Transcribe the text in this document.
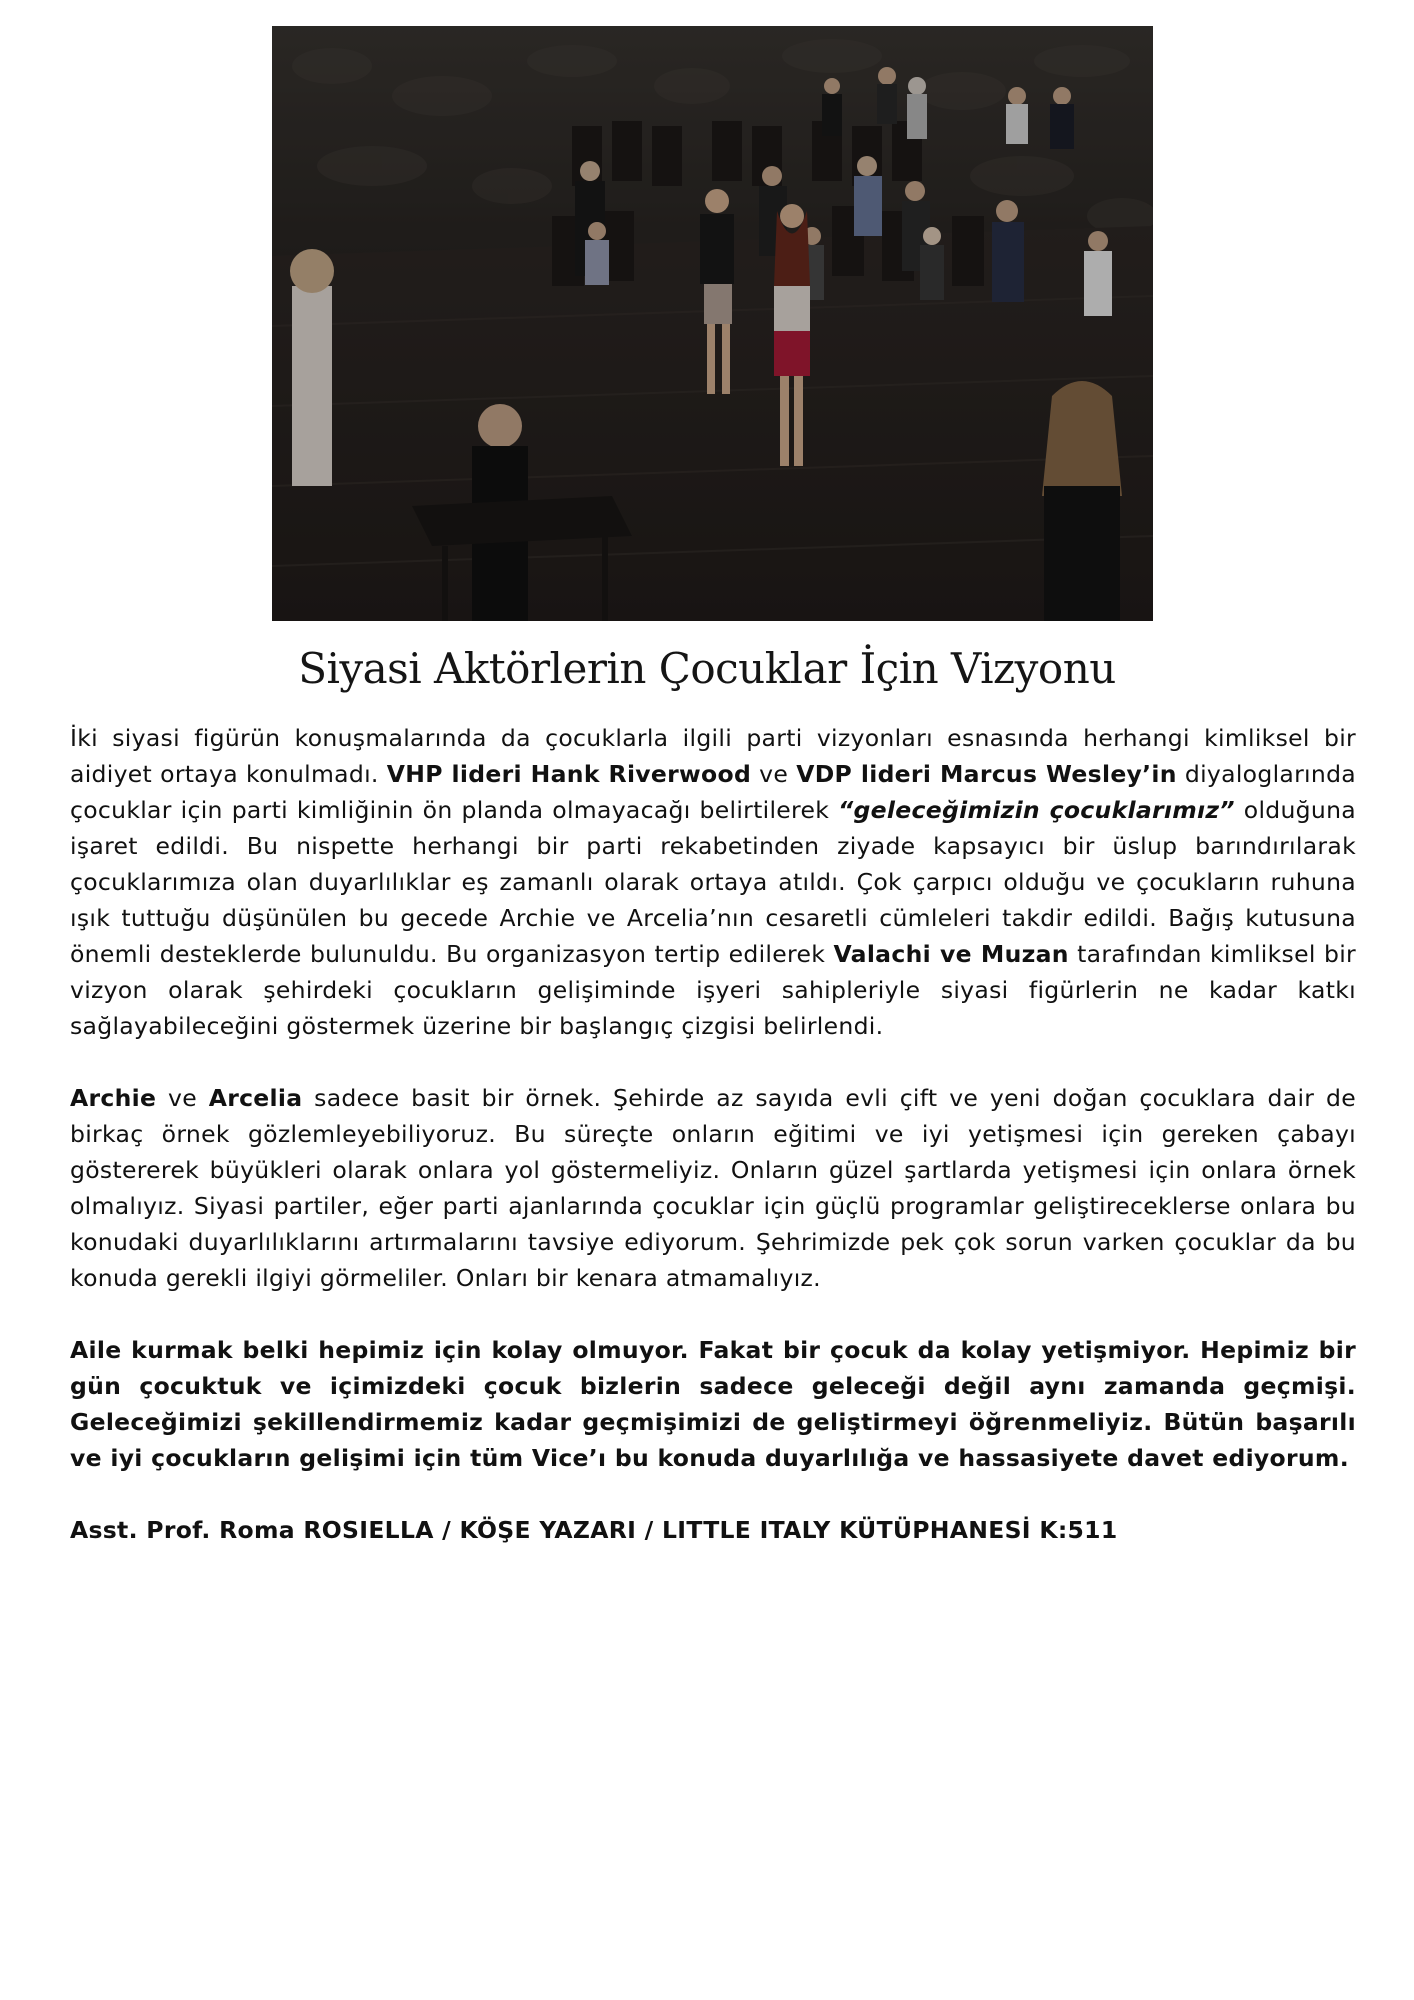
Siyasi Aktörlerin Çocuklar İçin Vizyonu

İki siyasi figürün konuşmalarında da çocuklarla ilgili parti vizyonları esnasında herhangi kimliksel bir aidiyet ortaya konulmadı. VHP lideri Hank Riverwood ve VDP lideri Marcus Wesley’in diyaloglarında çocuklar için parti kimliğinin ön planda olmayacağı belirtilerek “geleceğimizin çocuklarımız” olduğuna işaret edildi. Bu nispette herhangi bir parti rekabetinden ziyade kapsayıcı bir üslup barındırılarak çocuklarımıza olan duyarlılıklar eş zamanlı olarak ortaya atıldı. Çok çarpıcı olduğu ve çocukların ruhuna ışık tuttuğu düşünülen bu gecede Archie ve Arcelia’nın cesaretli cümleleri takdir edildi. Bağış kutusuna önemli desteklerde bulunuldu. Bu organizasyon tertip edilerek Valachi ve Muzan tarafından kimliksel bir vizyon olarak şehirdeki çocukların gelişiminde işyeri sahipleriyle siyasi figürlerin ne kadar katkı sağlayabileceğini göstermek üzerine bir başlangıç çizgisi belirlendi.

Archie ve Arcelia sadece basit bir örnek. Şehirde az sayıda evli çift ve yeni doğan çocuklara dair de birkaç örnek gözlemleyebiliyoruz. Bu süreçte onların eğitimi ve iyi yetişmesi için gereken çabayı göstererek büyükleri olarak onlara yol göstermeliyiz. Onların güzel şartlarda yetişmesi için onlara örnek olmalıyız. Siyasi partiler, eğer parti ajanlarında çocuklar için güçlü programlar geliştireceklerse onlara bu konudaki duyarlılıklarını artırmalarını tavsiye ediyorum. Şehrimizde pek çok sorun varken çocuklar da bu konuda gerekli ilgiyi görmeliler. Onları bir kenara atmamalıyız.

Aile kurmak belki hepimiz için kolay olmuyor. Fakat bir çocuk da kolay yetişmiyor. Hepimiz bir gün çocuktuk ve içimizdeki çocuk bizlerin sadece geleceği değil aynı zamanda geçmişi. Geleceğimizi şekillendirmemiz kadar geçmişimizi de geliştirmeyi öğrenmeliyiz. Bütün başarılı ve iyi çocukların gelişimi için tüm Vice’ı bu konuda duyarlılığa ve hassasiyete davet ediyorum.

Asst. Prof. Roma ROSIELLA / KÖŞE YAZARI / LITTLE ITALY KÜTÜPHANESİ K:511
